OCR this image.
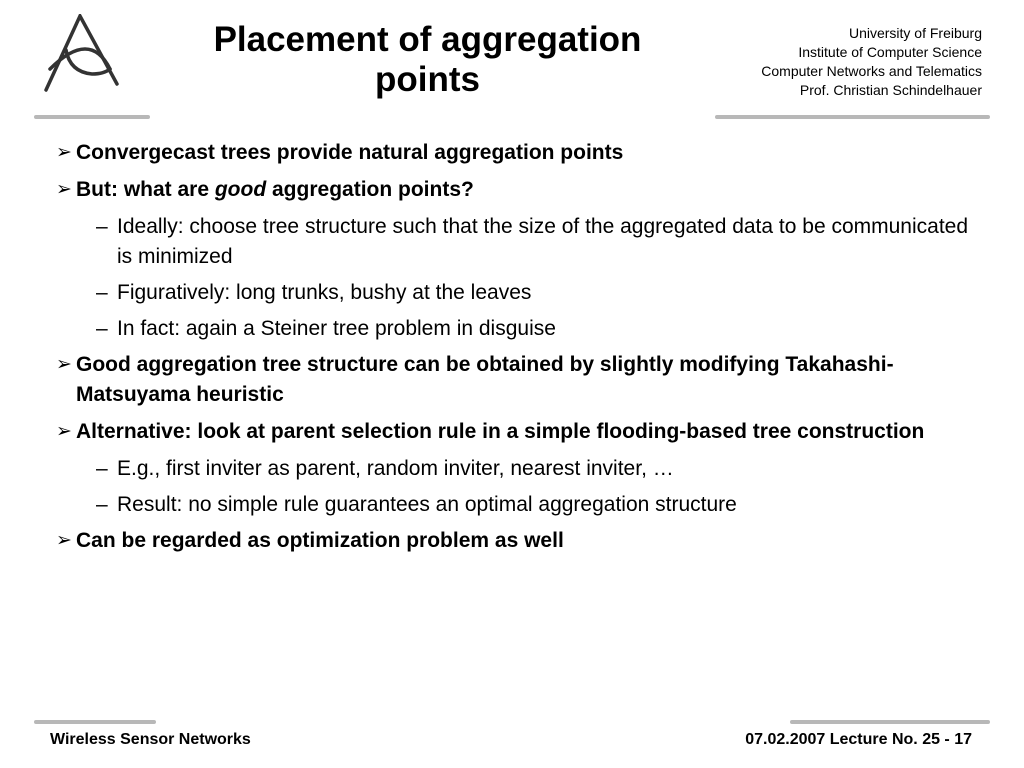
Placement of aggregation
points
University of Freiburg
Institute of Computer Science
Computer Networks and Telematics
Prof. Christian Schindelhauer
➢ Convergecast trees provide natural aggregation points
➢ But: what are good aggregation points?
– Ideally: choose tree structure such that the size of the aggregated data to be communicated is minimized
– Figuratively: long trunks, bushy at the leaves
– In fact: again a Steiner tree problem in disguise
➢ Good aggregation tree structure can be obtained by slightly modifying Takahashi-Matsuyama heuristic
➢ Alternative: look at parent selection rule in a simple flooding-based tree construction
– E.g., first inviter as parent, random inviter, nearest inviter, …
– Result: no simple rule guarantees an optimal aggregation structure
➢ Can be regarded as optimization problem as well
Wireless Sensor Networks	07.02.2007 Lecture No. 25 - 17
